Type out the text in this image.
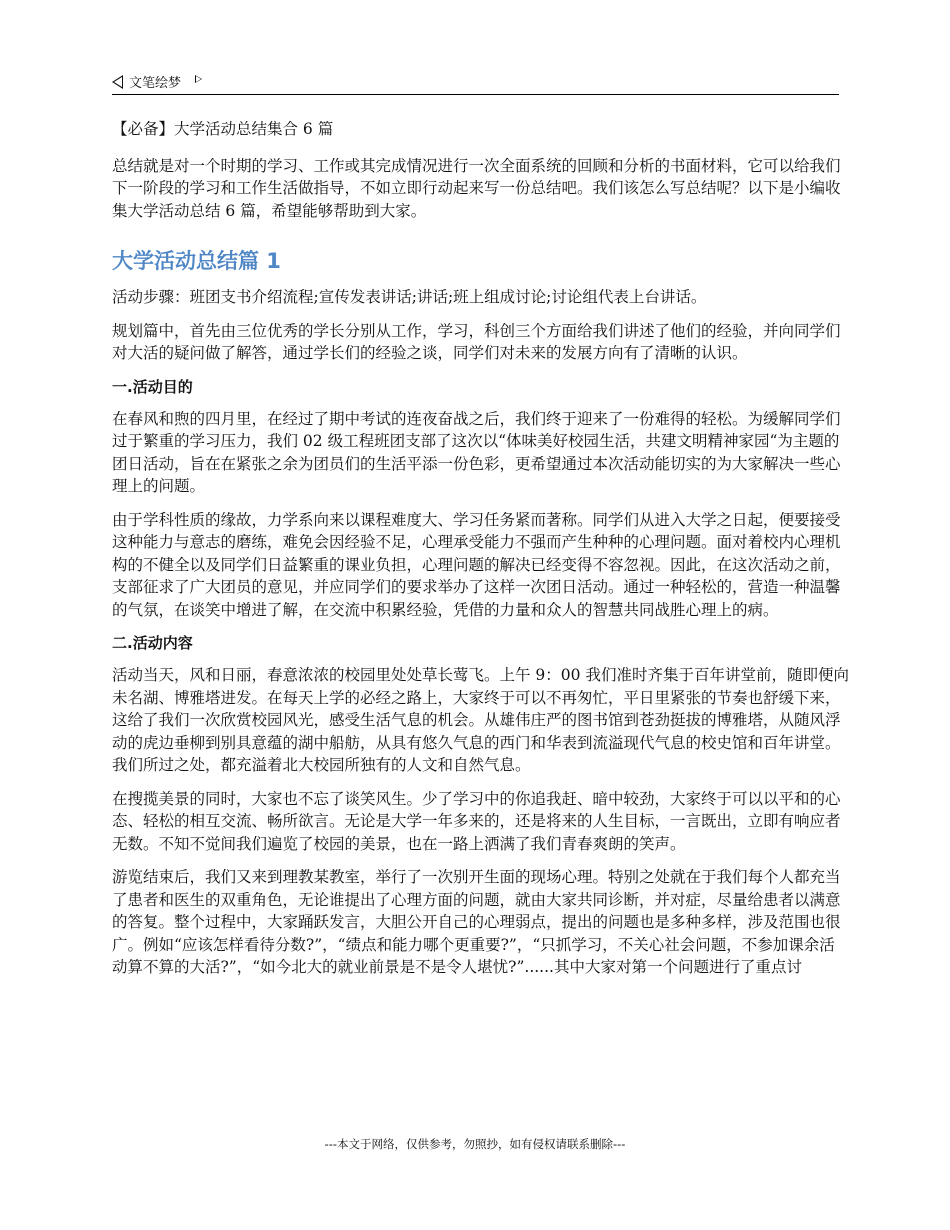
文笔绘梦

【必备】大学活动总结集合 6 篇

总结就是对一个时期的学习、工作或其完成情况进行一次全面系统的回顾和分析的书面材料，它可以给我们下一阶段的学习和工作生活做指导，不如立即行动起来写一份总结吧。我们该怎么写总结呢？以下是小编收集大学活动总结 6 篇，希望能够帮助到大家。

大学活动总结篇 1

活动步骤：班团支书介绍流程;宣传发表讲话;讲话;班上组成讨论;讨论组代表上台讲话。

规划篇中，首先由三位优秀的学长分别从工作，学习，科创三个方面给我们讲述了他们的经验，并向同学们对大活的疑问做了解答，通过学长们的经验之谈，同学们对未来的发展方向有了清晰的认识。

一.活动目的

在春风和煦的四月里，在经过了期中考试的连夜奋战之后，我们终于迎来了一份难得的轻松。为缓解同学们过于繁重的学习压力，我们 02 级工程班团支部了这次以“体味美好校园生活，共建文明精神家园“为主题的团日活动，旨在在紧张之余为团员们的生活平添一份色彩，更希望通过本次活动能切实的为大家解决一些心理上的问题。

由于学科性质的缘故，力学系向来以课程难度大、学习任务紧而著称。同学们从进入大学之日起，便要接受这种能力与意志的磨练，难免会因经验不足，心理承受能力不强而产生种种的心理问题。面对着校内心理机构的不健全以及同学们日益繁重的课业负担，心理问题的解决已经变得不容忽视。因此，在这次活动之前，支部征求了广大团员的意见，并应同学们的要求举办了这样一次团日活动。通过一种轻松的，营造一种温馨的气氛，在谈笑中增进了解，在交流中积累经验，凭借的力量和众人的智慧共同战胜心理上的病。

二.活动内容

活动当天，风和日丽，春意浓浓的校园里处处草长莺飞。上午 9：00 我们准时齐集于百年讲堂前，随即便向未名湖、博雅塔进发。在每天上学的必经之路上，大家终于可以不再匆忙，平日里紧张的节奏也舒缓下来，这给了我们一次欣赏校园风光，感受生活气息的机会。从雄伟庄严的图书馆到苍劲挺拔的博雅塔，从随风浮动的虎边垂柳到别具意蕴的湖中船舫，从具有悠久气息的西门和华表到流溢现代气息的校史馆和百年讲堂。我们所过之处，都充溢着北大校园所独有的人文和自然气息。

在搜揽美景的同时，大家也不忘了谈笑风生。少了学习中的你追我赶、暗中较劲，大家终于可以以平和的心态、轻松的相互交流、畅所欲言。无论是大学一年多来的，还是将来的人生目标，一言既出，立即有响应者无数。不知不觉间我们遍览了校园的美景，也在一路上洒满了我们青春爽朗的笑声。

游览结束后，我们又来到理教某教室，举行了一次别开生面的现场心理。特别之处就在于我们每个人都充当了患者和医生的双重角色，无论谁提出了心理方面的问题，就由大家共同诊断，并对症，尽量给患者以满意的答复。整个过程中，大家踊跃发言，大胆公开自己的心理弱点，提出的问题也是多种多样，涉及范围也很广。例如“应该怎样看待分数?”，“绩点和能力哪个更重要?”，“只抓学习，不关心社会问题，不参加课余活动算不算的大活?”，“如今北大的就业前景是不是令人堪忧?”......其中大家对第一个问题进行了重点讨

---本文于网络，仅供参考，勿照抄，如有侵权请联系删除---
